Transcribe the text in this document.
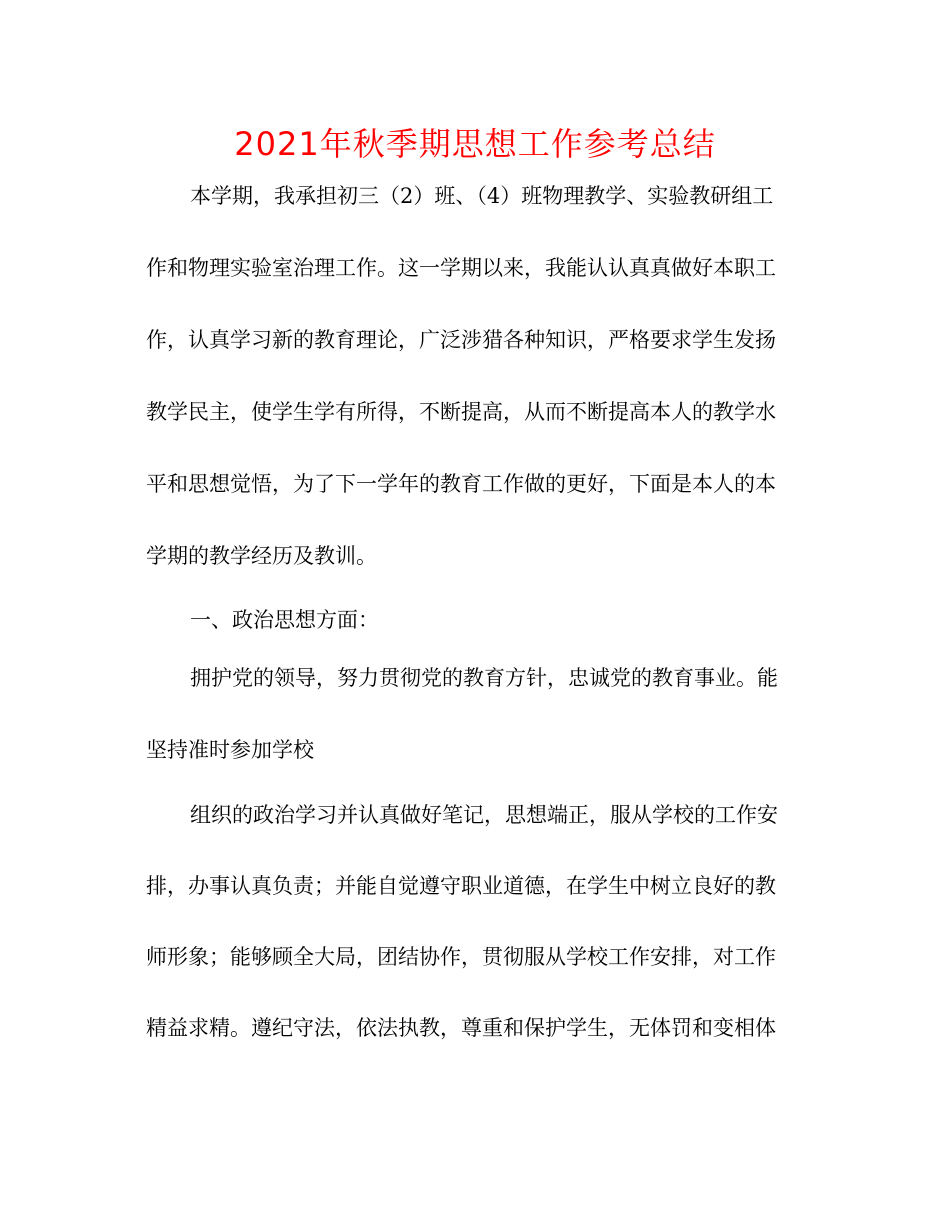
2021年秋季期思想工作参考总结
本学期，我承担初三（2）班、（4）班物理教学、实验教研组工
作和物理实验室治理工作。这一学期以来，我能认认真真做好本职工
作，认真学习新的教育理论，广泛涉猎各种知识，严格要求学生发扬
教学民主，使学生学有所得，不断提高，从而不断提高本人的教学水
平和思想觉悟，为了下一学年的教育工作做的更好，下面是本人的本
学期的教学经历及教训。
一、政治思想方面：
拥护党的领导，努力贯彻党的教育方针，忠诚党的教育事业。能
坚持准时参加学校
组织的政治学习并认真做好笔记，思想端正，服从学校的工作安
排，办事认真负责；并能自觉遵守职业道德，在学生中树立良好的教
师形象；能够顾全大局，团结协作，贯彻服从学校工作安排，对工作
精益求精。遵纪守法，依法执教，尊重和保护学生，无体罚和变相体
